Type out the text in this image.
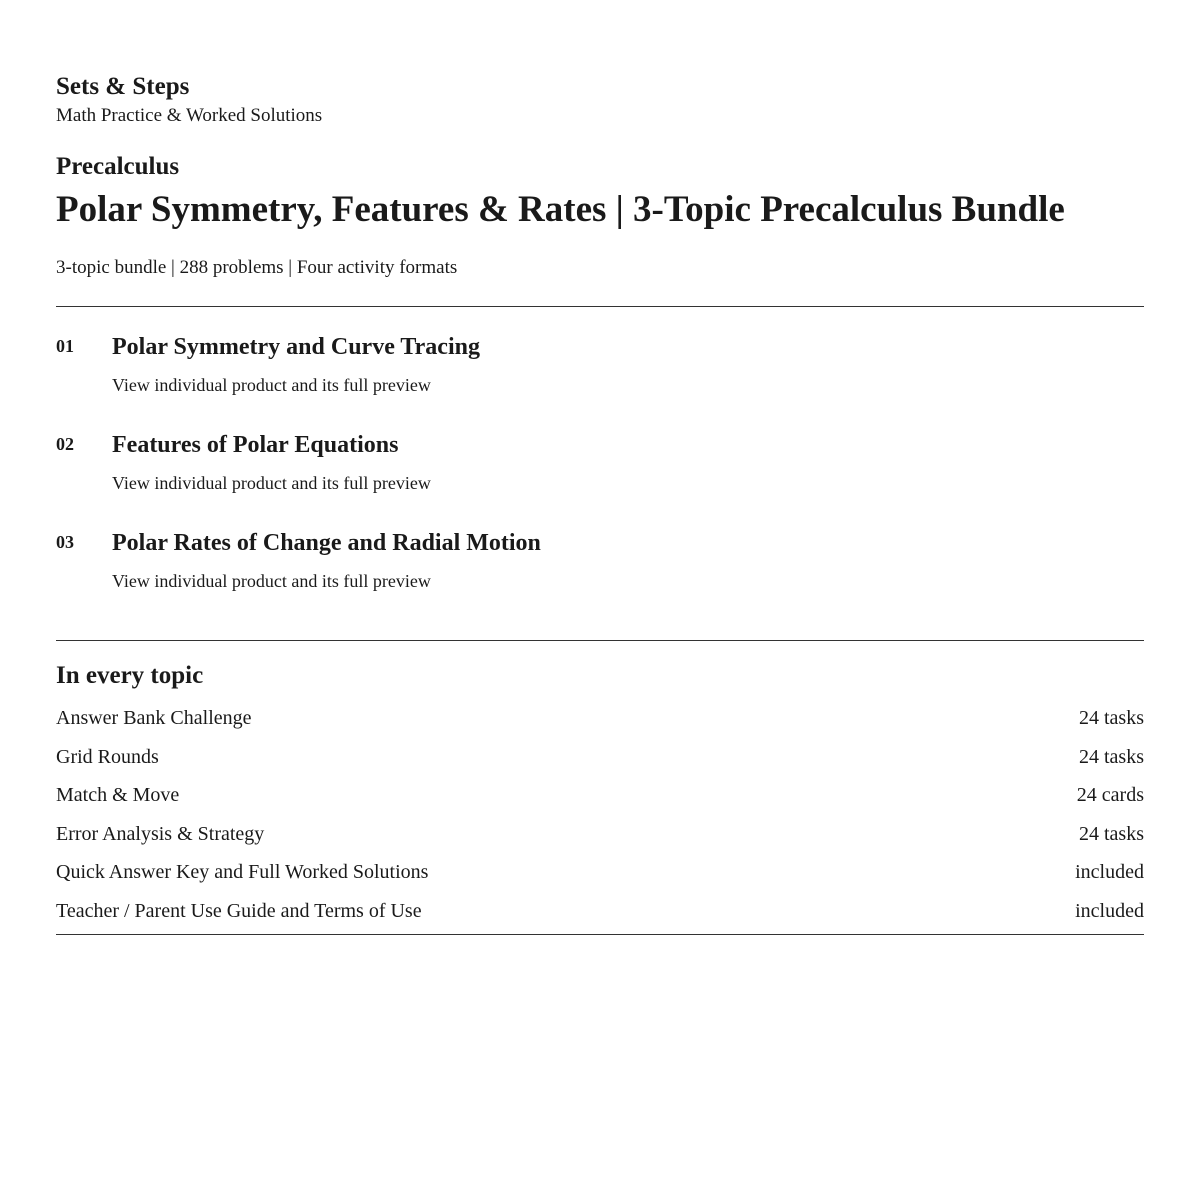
Sets & Steps

Math Practice & Worked Solutions

Precalculus

Polar Symmetry, Features & Rates | 3-Topic Precalculus Bundle

3-topic bundle | 288 problems | Four activity formats

01 Polar Symmetry and Curve Tracing
View individual product and its full preview
02 Features of Polar Equations
View individual product and its full preview
03 Polar Rates of Change and Radial Motion
View individual product and its full preview
In every topic
Answer Bank Challenge	24 tasks
Grid Rounds	24 tasks
Match & Move	24 cards
Error Analysis & Strategy	24 tasks
Quick Answer Key and Full Worked Solutions	included
Teacher / Parent Use Guide and Terms of Use	included
